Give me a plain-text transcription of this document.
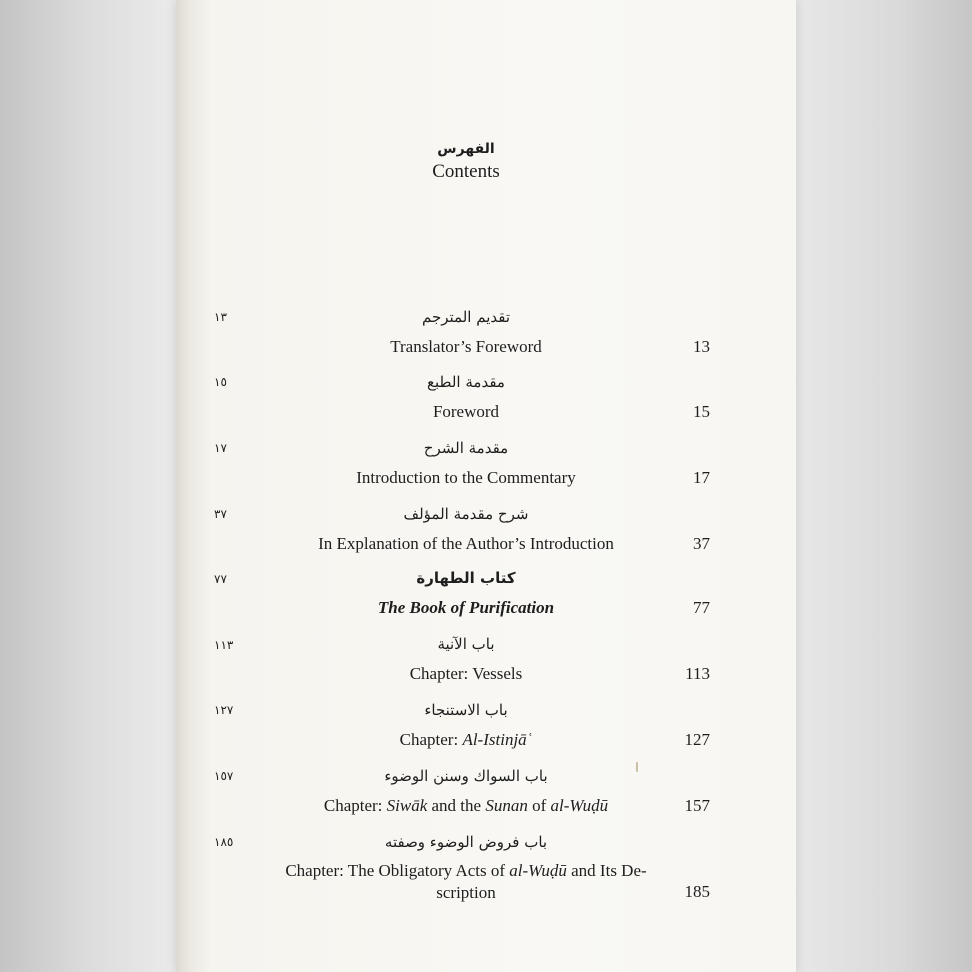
الفهرس
Contents
١٣	تقديم المترجم
Translator’s Foreword	13
١٥	مقدمة الطبع
Foreword	15
١٧	مقدمة الشرح
Introduction to the Commentary	17
٣٧	شرح مقدمة المؤلف
In Explanation of the Author’s Introduction	37
٧٧	كتاب الطهارة
The Book of Purification	77
١١٣	باب الآنية
Chapter: Vessels	113
١٢٧	باب الاستنجاء
Chapter: Al-Istinjāʿ	127
١٥٧	باب السواك وسنن الوضوء
Chapter: Siwāk and the Sunan of al-Wuḍū	157
١٨٥	باب فروض الوضوء وصفته
Chapter: The Obligatory Acts of al-Wuḍū and Its De-
scription	185
